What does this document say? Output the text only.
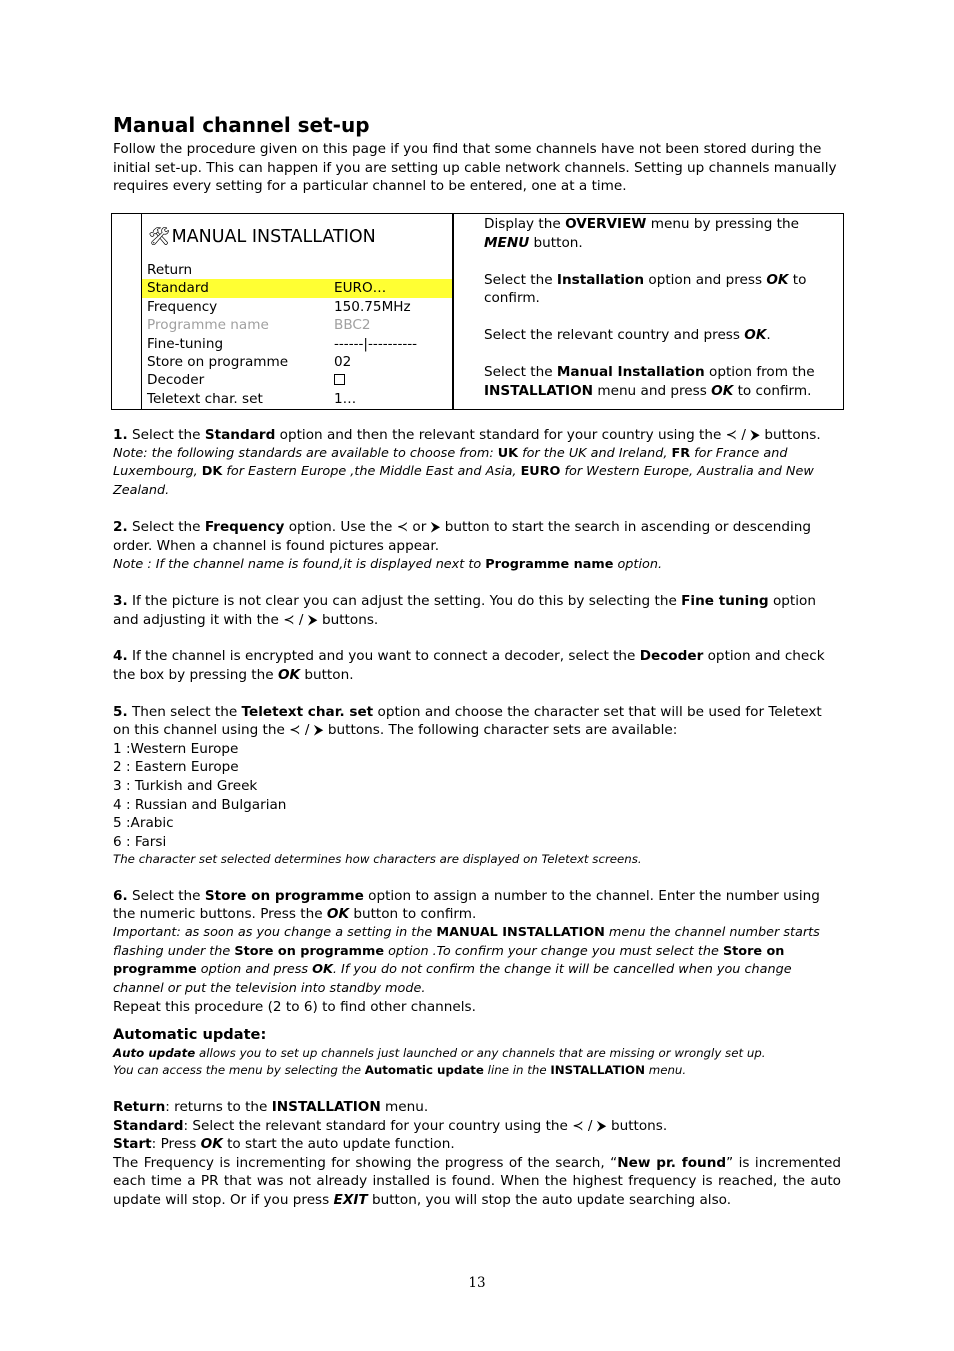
Manual channel set-up

Follow the procedure given on this page if you find that some channels have not been stored during the initial set-up. This can happen if you are setting up cable network channels. Setting up channels manually requires every setting for a particular channel to be entered, one at a time.

🛠︎ MANUAL INSTALLATION
Return
Standard	EURO…
Frequency	150.75MHz
Programme name	BBC2
Fine-tuning	------|----------
Store on programme	02
Decoder
Teletext char. set	1…

Display the OVERVIEW menu by pressing the MENU button.

Select the Installation option and press OK to confirm.

Select the relevant country and press OK.

Select the Manual Installation option from the INSTALLATION menu and press OK to confirm.

1. Select the Standard option and then the relevant standard for your country using the ≺ / ⮞ buttons.

Note: the following standards are available to choose from: UK for the UK and Ireland, FR for France and Luxembourg, DK for Eastern Europe ,the Middle East and Asia, EURO for Western Europe, Australia and New Zealand.

2. Select the Frequency option. Use the ≺ or ⮞ button to start the search in ascending or descending order. When a channel is found pictures appear.

Note : If the channel name is found,it is displayed next to Programme name option.

3. If the picture is not clear you can adjust the setting. You do this by selecting the Fine tuning option and adjusting it with the ≺ / ⮞ buttons.

4. If the channel is encrypted and you want to connect a decoder, select the Decoder option and check the box by pressing the OK button.

5. Then select the Teletext char. set option and choose the character set that will be used for Teletext on this channel using the ≺ / ⮞ buttons. The following character sets are available:

1 :Western Europe

2 : Eastern Europe

3 : Turkish and Greek

4 : Russian and Bulgarian

5 :Arabic

6 : Farsi

The character set selected determines how characters are displayed on Teletext screens.

6. Select the Store on programme option to assign a number to the channel. Enter the number using the numeric buttons. Press the OK button to confirm.

Important: as soon as you change a setting in the MANUAL INSTALLATION menu the channel number starts flashing under the Store on programme option .To confirm your change you must select the Store on programme option and press OK. If you do not confirm the change it will be cancelled when you change channel or put the television into standby mode.

Repeat this procedure (2 to 6) to find other channels.

Automatic update:

Auto update allows you to set up channels just launched or any channels that are missing or wrongly set up.

You can access the menu by selecting the Automatic update line in the INSTALLATION menu.

Return: returns to the INSTALLATION menu.

Standard: Select the relevant standard for your country using the ≺ / ⮞ buttons.

Start: Press OK to start the auto update function.

The Frequency is incrementing for showing the progress of the search, “New pr. found” is incremented each time a PR that was not already installed is found. When the highest frequency is reached, the auto update will stop. Or if you press EXIT button, you will stop the auto update searching also.

13
